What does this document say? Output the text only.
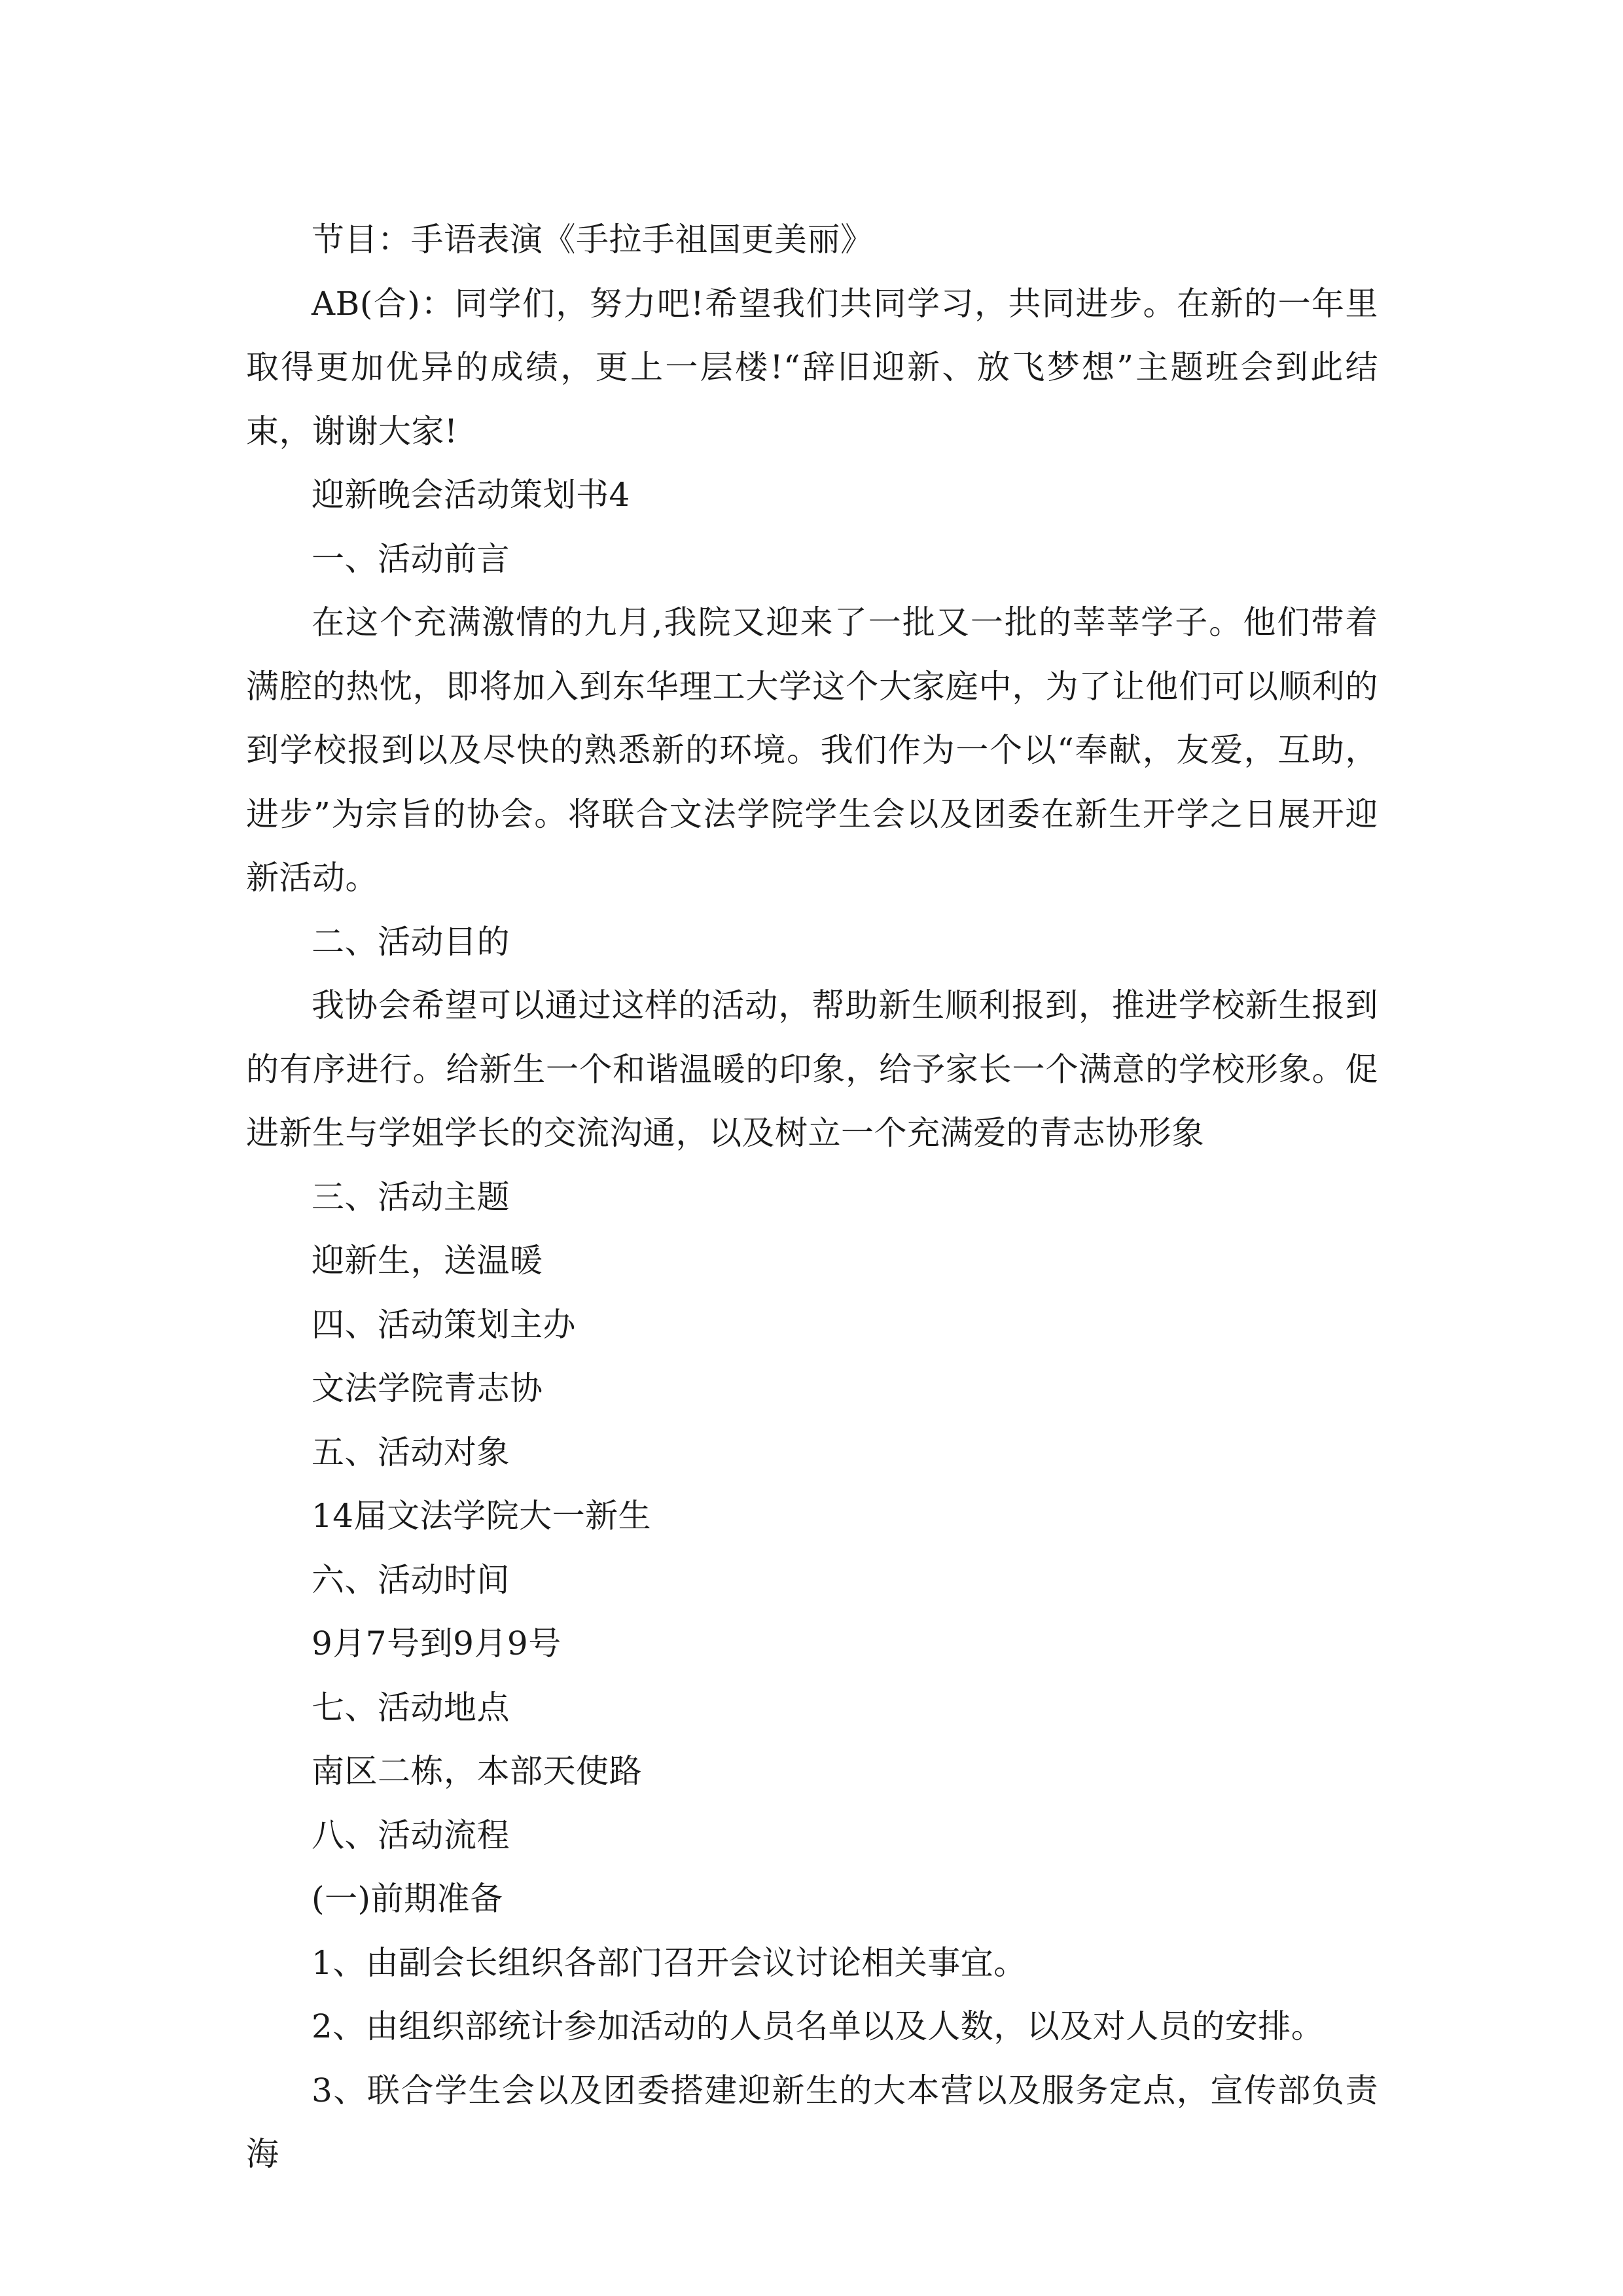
节目：手语表演《手拉手祖国更美丽》

AB(合)：同学们，努力吧!希望我们共同学习，共同进步。在新的一年里取得更加优异的成绩，更上一层楼!“辞旧迎新、放飞梦想”主题班会到此结束，谢谢大家!

迎新晚会活动策划书4

一、活动前言

在这个充满激情的九月,我院又迎来了一批又一批的莘莘学子。他们带着满腔的热忱，即将加入到东华理工大学这个大家庭中，为了让他们可以顺利的到学校报到以及尽快的熟悉新的环境。我们作为一个以“奉献，友爱，互助，进步”为宗旨的协会。将联合文法学院学生会以及团委在新生开学之日展开迎新活动。

二、活动目的

我协会希望可以通过这样的活动，帮助新生顺利报到，推进学校新生报到的有序进行。给新生一个和谐温暖的印象，给予家长一个满意的学校形象。促进新生与学姐学长的交流沟通，以及树立一个充满爱的青志协形象

三、活动主题

迎新生，送温暖

四、活动策划主办

文法学院青志协

五、活动对象

14届文法学院大一新生

六、活动时间

9月7号到9月9号

七、活动地点

南区二栋，本部天使路

八、活动流程

(一)前期准备

1、由副会长组织各部门召开会议讨论相关事宜。

2、由组织部统计参加活动的人员名单以及人数，以及对人员的安排。

3、联合学生会以及团委搭建迎新生的大本营以及服务定点，宣传部负责海
